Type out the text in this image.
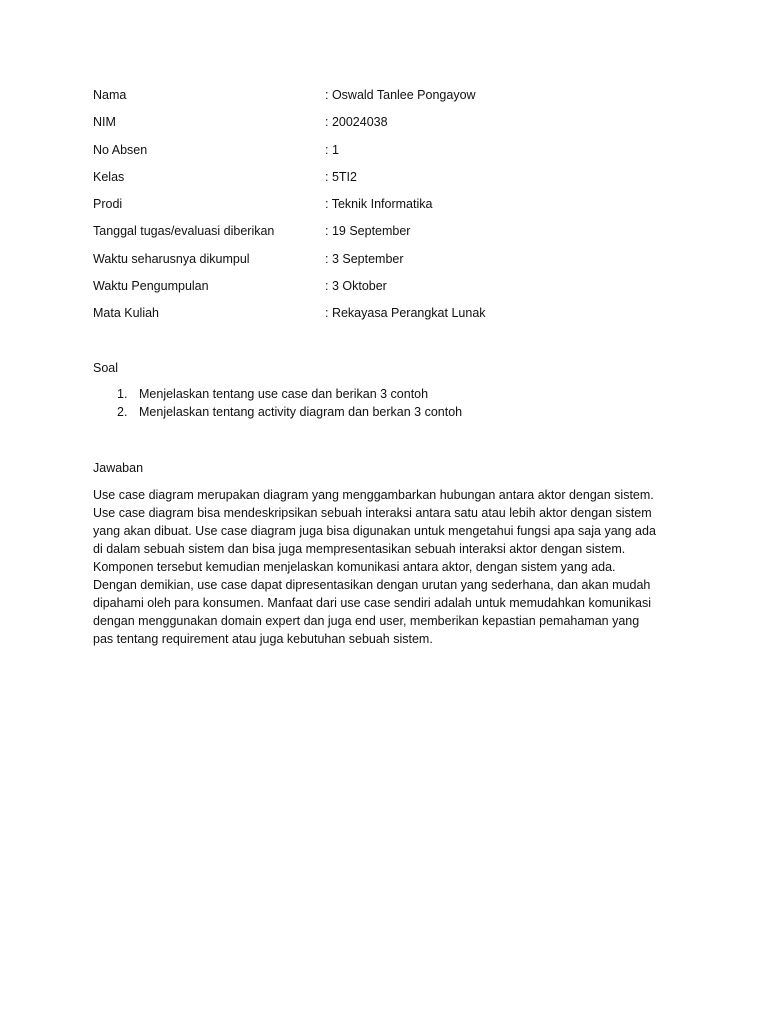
Nama	: Oswald Tanlee Pongayow
NIM	: 20024038
No Absen	: 1
Kelas	: 5TI2
Prodi	: Teknik Informatika
Tanggal tugas/evaluasi diberikan	: 19 September
Waktu seharusnya dikumpul	: 3 September
Waktu Pengumpulan	: 3 Oktober
Mata Kuliah	: Rekayasa Perangkat Lunak
Soal
1. Menjelaskan tentang use case dan berikan 3 contoh
2. Menjelaskan tentang activity diagram dan berkan 3 contoh
Jawaban

Use case diagram merupakan diagram yang menggambarkan hubungan antara aktor dengan sistem.
Use case diagram bisa mendeskripsikan sebuah interaksi antara satu atau lebih aktor dengan sistem
yang akan dibuat. Use case diagram juga bisa digunakan untuk mengetahui fungsi apa saja yang ada
di dalam sebuah sistem dan bisa juga mempresentasikan sebuah interaksi aktor dengan sistem.
Komponen tersebut kemudian menjelaskan komunikasi antara aktor, dengan sistem yang ada.
Dengan demikian, use case dapat dipresentasikan dengan urutan yang sederhana, dan akan mudah
dipahami oleh para konsumen. Manfaat dari use case sendiri adalah untuk memudahkan komunikasi
dengan menggunakan domain expert dan juga end user, memberikan kepastian pemahaman yang
pas tentang requirement atau juga kebutuhan sebuah sistem.
